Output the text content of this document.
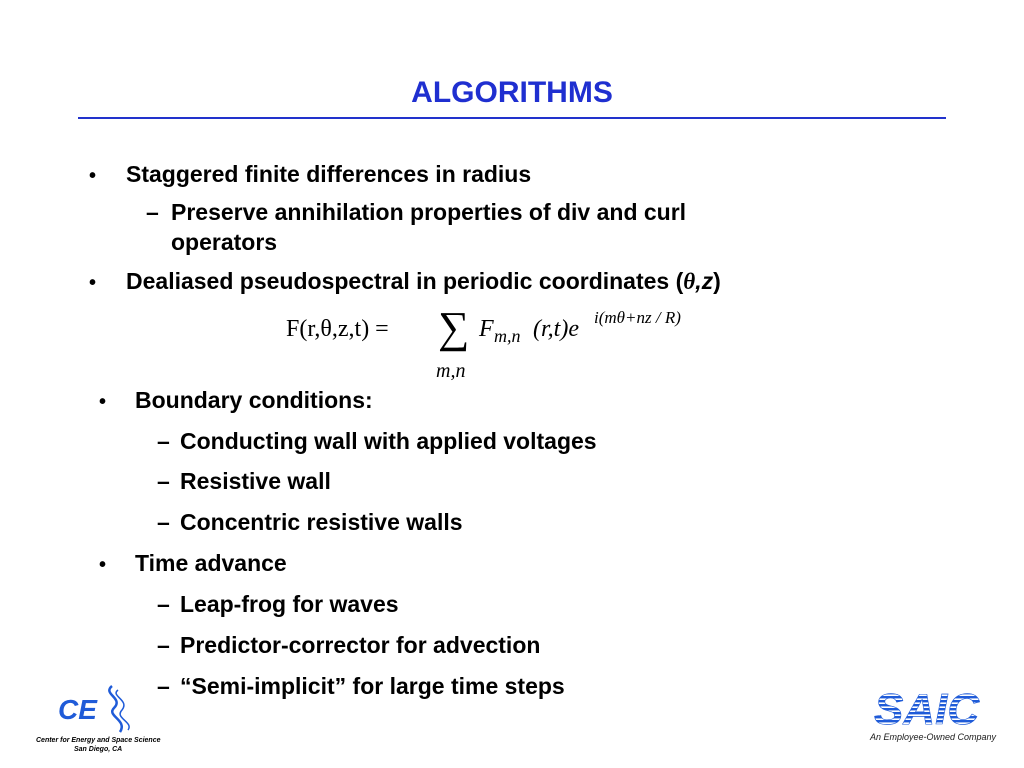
ALGORITHMS
• Staggered finite differences in radius
– Preserve annihilation properties of div and curl
operators
• Dealiased pseudospectral in periodic coordinates (θ,z)
F(r,θ,z,t) = ∑
m,n
F m,n (r,t)e i(mθ+nz / R)
• Boundary conditions:
– Conducting wall with applied voltages
– Resistive wall
– Concentric resistive walls
• Time advance
– Leap-frog for waves
– Predictor-corrector for advection
– “Semi-implicit” for large time steps
CE
Center for Energy and Space Science
San Diego, CA
SAIC
An Employee-Owned Company
